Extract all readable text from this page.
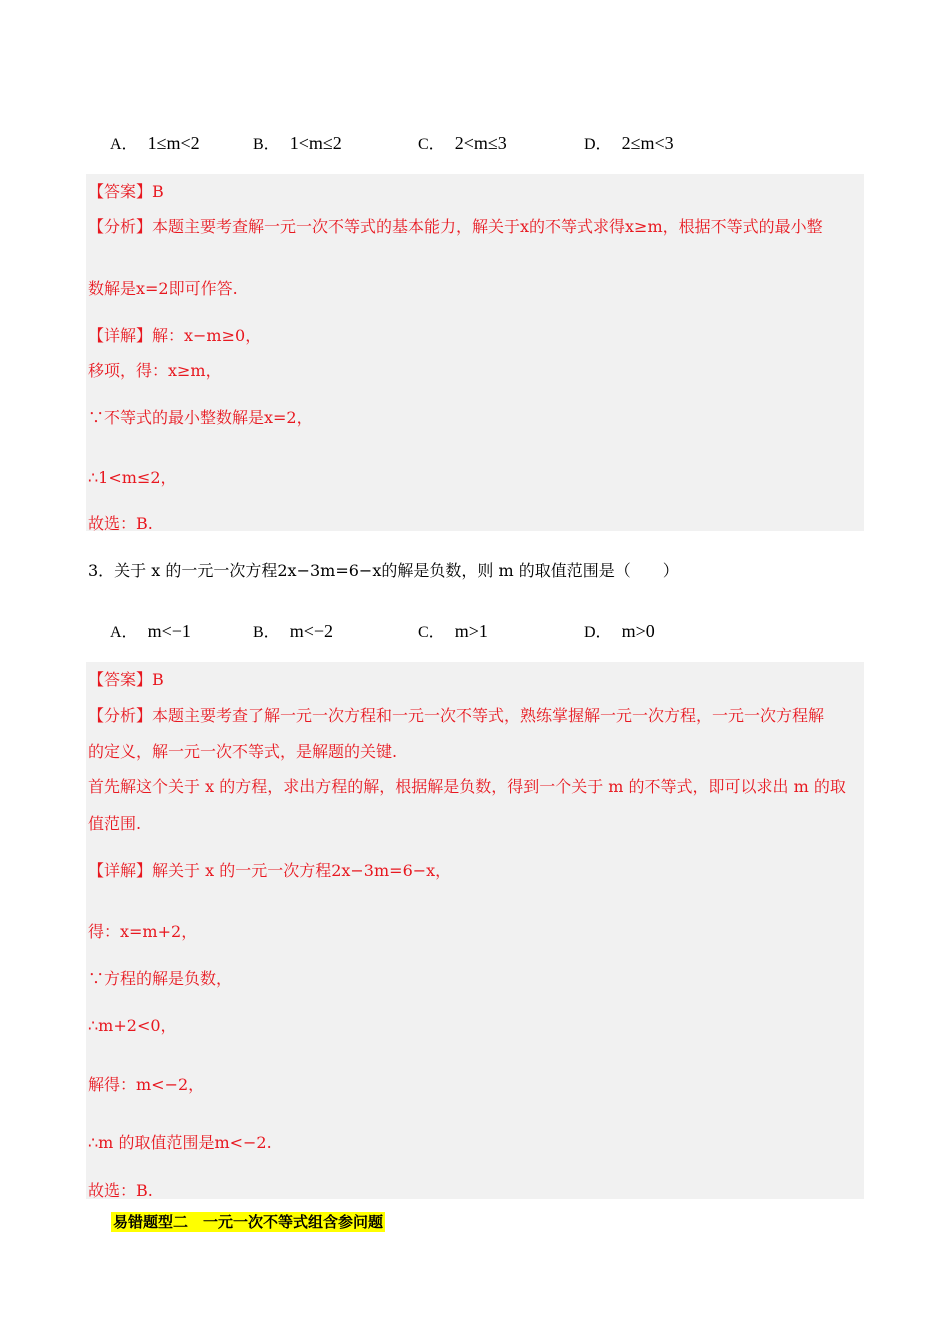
A． 1≤m<2	B． 1<m≤2	C． 2<m≤3	D． 2≤m<3
【答案】B
【分析】本题主要考查解一元一次不等式的基本能力，解关于x的不等式求得x≥m，根据不等式的最小整
数解是x=2即可作答.
【详解】解：x−m≥0，
移项，得：x≥m，
∵不等式的最小整数解是x=2，
∴1<m≤2，
故选：B.
3．关于 x 的一元一次方程2x−3m=6−x的解是负数，则 m 的取值范围是（　　）
A． m<−1	B． m<−2	C． m>1	D． m>0
【答案】B
【分析】本题主要考查了解一元一次方程和一元一次不等式，熟练掌握解一元一次方程，一元一次方程解
的定义，解一元一次不等式，是解题的关键.
首先解这个关于 x 的方程，求出方程的解，根据解是负数，得到一个关于 m 的不等式，即可以求出 m 的取
值范围.
【详解】解关于 x 的一元一次方程2x−3m=6−x，
得：x=m+2，
∵方程的解是负数，
∴m+2<0，
解得：m<−2，
∴m 的取值范围是m<−2.
故选：B.
易错题型二　一元一次不等式组含参问题
